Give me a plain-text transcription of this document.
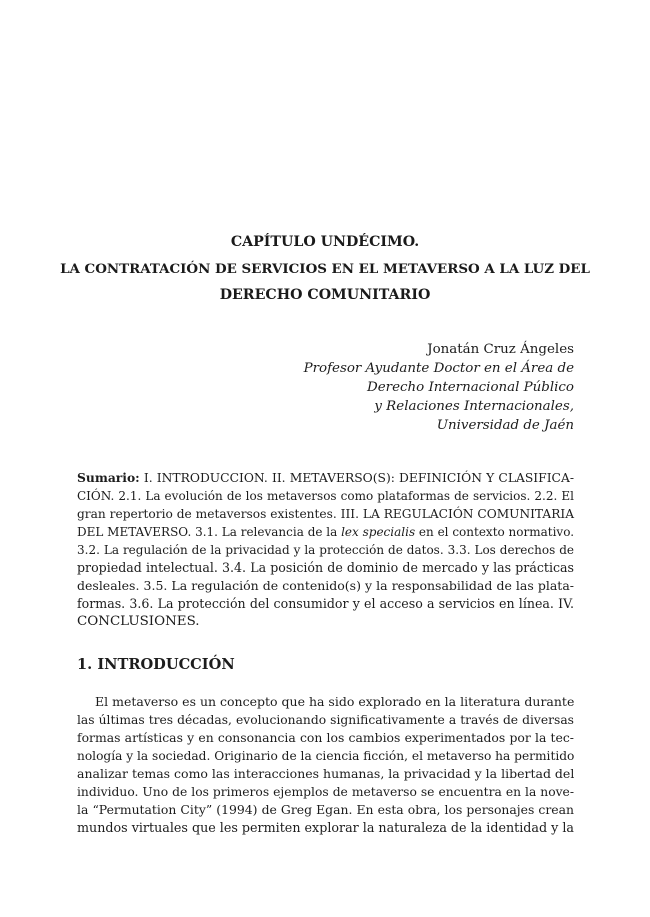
CAPÍTULO UNDÉCIMO.
LA CONTRATACIÓN DE SERVICIOS EN EL METAVERSO A LA LUZ DEL
DERECHO COMUNITARIO
Jonatán Cruz Ángeles
Profesor Ayudante Doctor en el Área de
Derecho Internacional Público
y Relaciones Internacionales,
Universidad de Jaén
Sumario: I. INTRODUCCION. II. METAVERSO(S): DEFINICIÓN Y CLASIFICA-
CIÓN. 2.1. La evolución de los metaversos como plataformas de servicios. 2.2. El
gran repertorio de metaversos existentes. III. LA REGULACIÓN COMUNITARIA
DEL METAVERSO. 3.1. La relevancia de la lex specialis en el contexto normativo.
3.2. La regulación de la privacidad y la protección de datos. 3.3. Los derechos de
propiedad intelectual. 3.4. La posición de dominio de mercado y las prácticas
desleales. 3.5. La regulación de contenido(s) y la responsabilidad de las plata-
formas. 3.6. La protección del consumidor y el acceso a servicios en línea. IV.
CONCLUSIONES.
1. INTRODUCCIÓN
El metaverso es un concepto que ha sido explorado en la literatura durante
las últimas tres décadas, evolucionando significativamente a través de diversas
formas artísticas y en consonancia con los cambios experimentados por la tec-
nología y la sociedad. Originario de la ciencia ficción, el metaverso ha permitido
analizar temas como las interacciones humanas, la privacidad y la libertad del
individuo. Uno de los primeros ejemplos de metaverso se encuentra en la nove-
la “Permutation City” (1994) de Greg Egan. En esta obra, los personajes crean
mundos virtuales que les permiten explorar la naturaleza de la identidad y la
